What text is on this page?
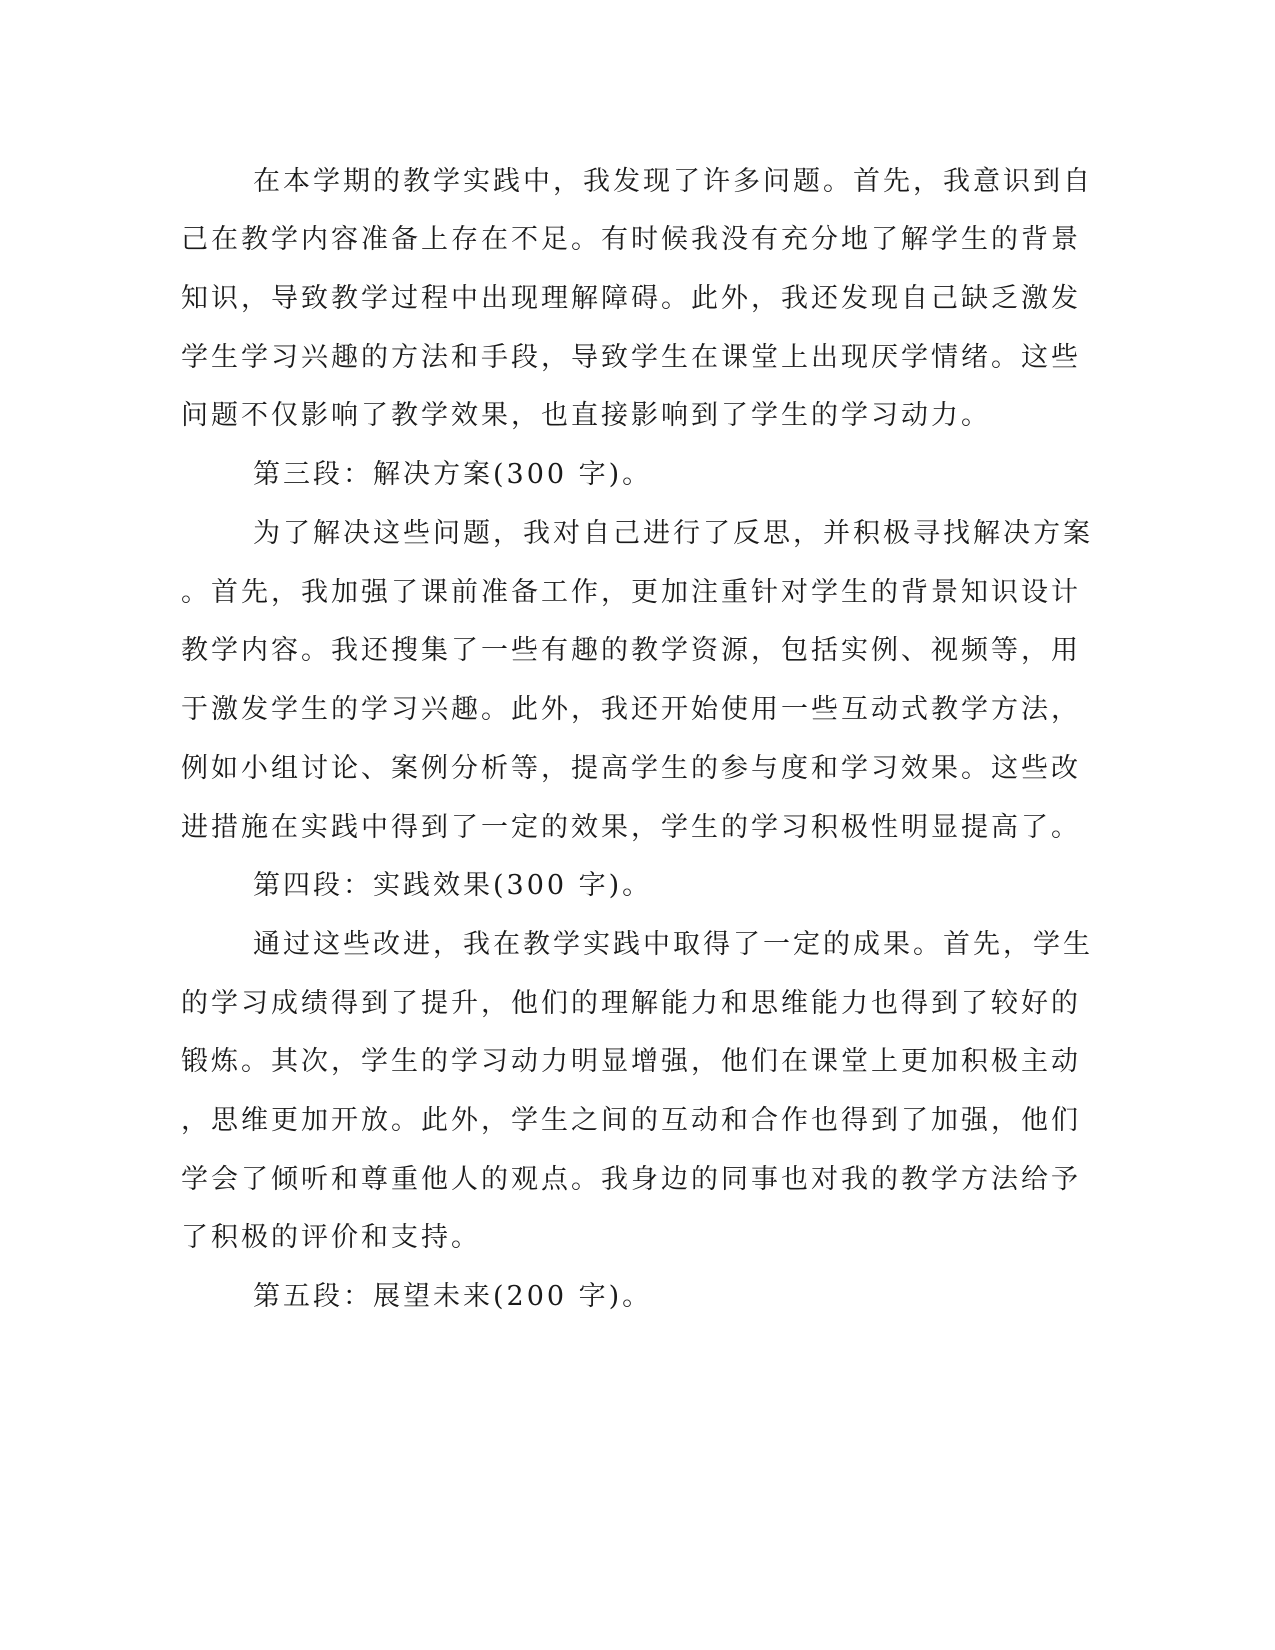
在本学期的教学实践中，我发现了许多问题。首先，我意识到自
己在教学内容准备上存在不足。有时候我没有充分地了解学生的背景
知识，导致教学过程中出现理解障碍。此外，我还发现自己缺乏激发
学生学习兴趣的方法和手段，导致学生在课堂上出现厌学情绪。这些
问题不仅影响了教学效果，也直接影响到了学生的学习动力。
第三段：解决方案(300 字)。
为了解决这些问题，我对自己进行了反思，并积极寻找解决方案
。首先，我加强了课前准备工作，更加注重针对学生的背景知识设计
教学内容。我还搜集了一些有趣的教学资源，包括实例、视频等，用
于激发学生的学习兴趣。此外，我还开始使用一些互动式教学方法，
例如小组讨论、案例分析等，提高学生的参与度和学习效果。这些改
进措施在实践中得到了一定的效果，学生的学习积极性明显提高了。
第四段：实践效果(300 字)。
通过这些改进，我在教学实践中取得了一定的成果。首先，学生
的学习成绩得到了提升，他们的理解能力和思维能力也得到了较好的
锻炼。其次，学生的学习动力明显增强，他们在课堂上更加积极主动
，思维更加开放。此外，学生之间的互动和合作也得到了加强，他们
学会了倾听和尊重他人的观点。我身边的同事也对我的教学方法给予
了积极的评价和支持。
第五段：展望未来(200 字)。
